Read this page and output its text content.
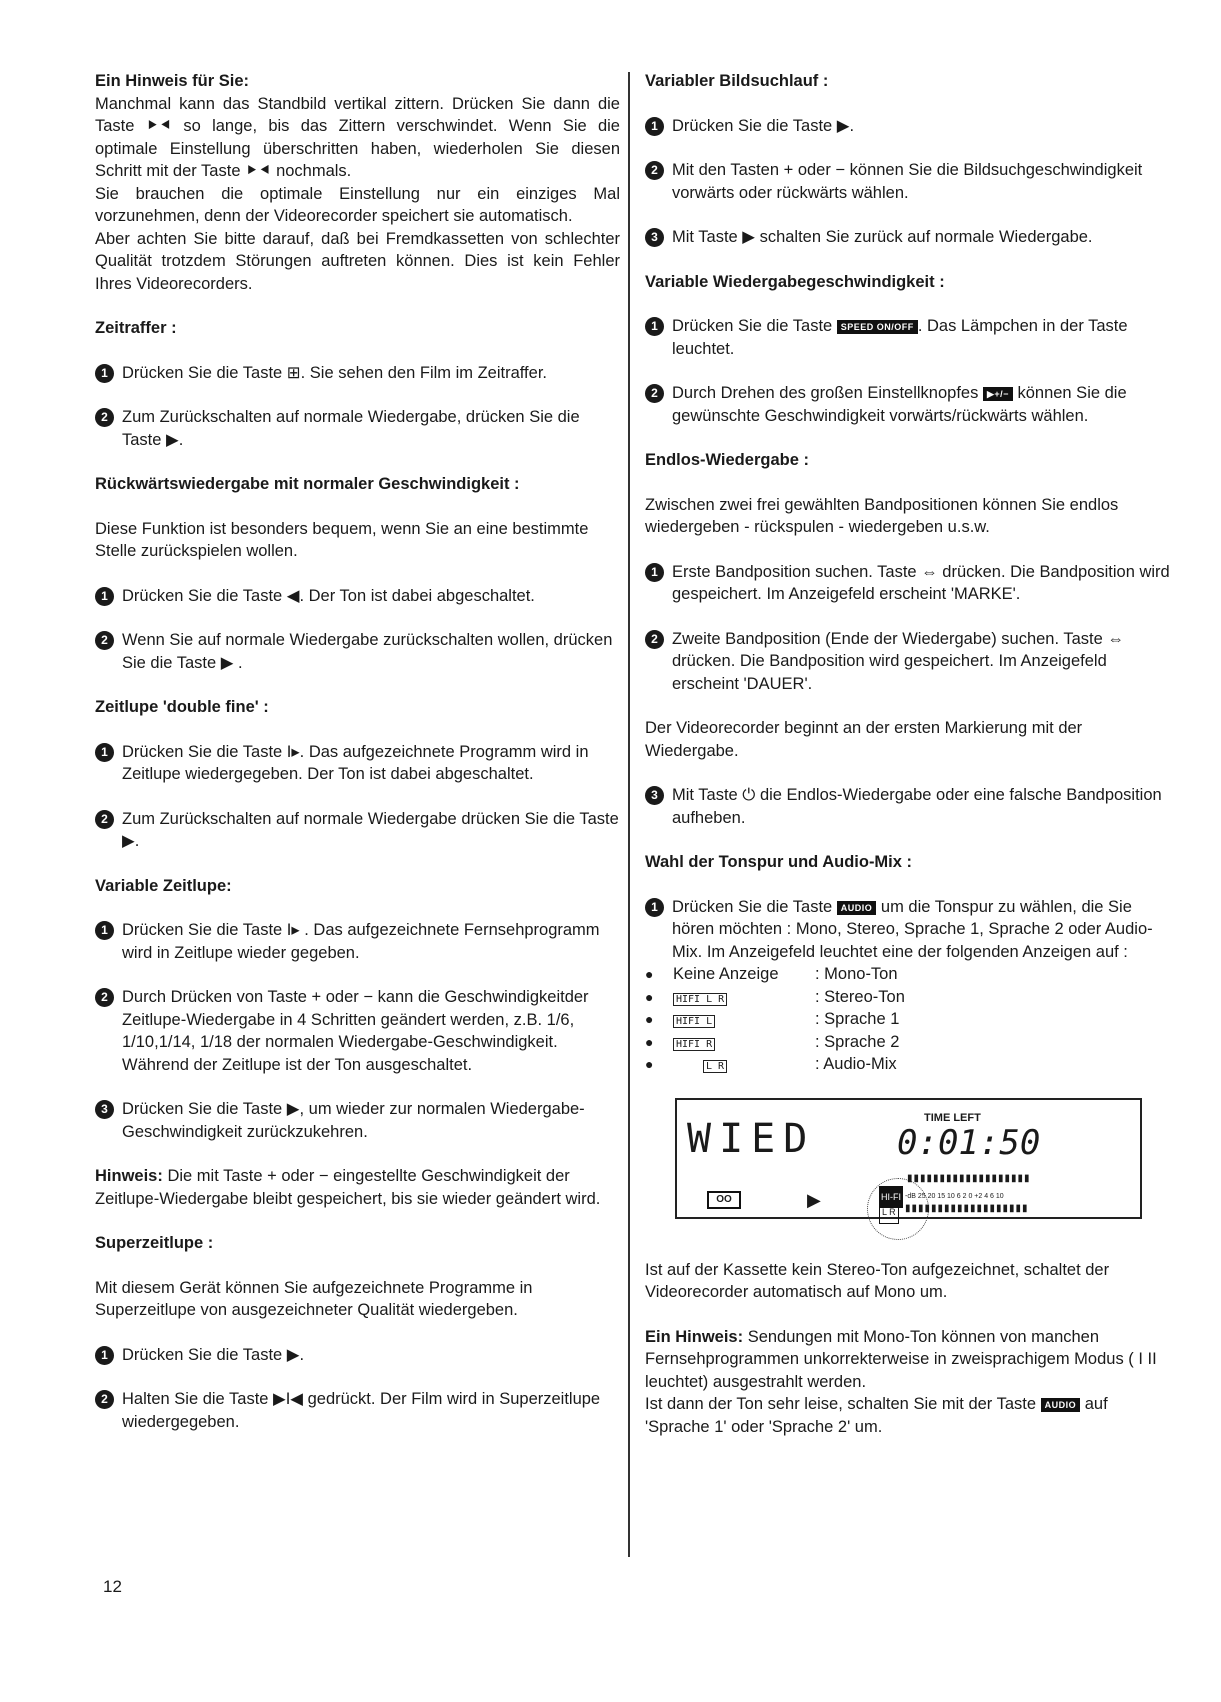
Ein Hinweis für Sie:

Manchmal kann das Standbild vertikal zittern. Drücken Sie dann die Taste ⯈⯇ so lange, bis das Zittern verschwindet. Wenn Sie die optimale Einstellung überschritten haben, wiederholen Sie diesen Schritt mit der Taste ⯈⯇ nochmals.

Sie brauchen die optimale Einstellung nur ein einziges Mal vorzunehmen, denn der Videorecorder speichert sie automatisch.

Aber achten Sie bitte darauf, daß bei Fremdkassetten von schlechter Qualität trotzdem Störungen auftreten können. Dies ist kein Fehler Ihres Videorecorders.

Zeitraffer :
1 Drücken Sie die Taste ⊞. Sie sehen den Film im Zeitraffer.
2 Zum Zurückschalten auf normale Wiedergabe, drücken Sie die Taste ▶.
Rückwärtswiedergabe mit normaler Geschwindigkeit :

Diese Funktion ist besonders bequem, wenn Sie an eine bestimmte Stelle zurückspielen wollen.

1 Drücken Sie die Taste ◀. Der Ton ist dabei abgeschaltet.
2 Wenn Sie auf normale Wiedergabe zurückschalten wollen, drücken Sie die Taste ▶ .
Zeitlupe 'double fine' :
1 Drücken Sie die Taste I▸. Das aufgezeichnete Programm wird in Zeitlupe wiedergegeben. Der Ton ist dabei abgeschaltet.
2 Zum Zurückschalten auf normale Wiedergabe drücken Sie die Taste ▶.
Variable Zeitlupe:
1 Drücken Sie die Taste I▸ . Das aufgezeichnete Fernsehprogramm wird in Zeitlupe wieder gegeben.
2 Durch Drücken von Taste + oder − kann die Geschwindigkeitder Zeitlupe-Wiedergabe in 4 Schritten geändert werden, z.B. 1/6, 1/10,1/14, 1/18 der normalen Wiedergabe-Geschwindigkeit. Während der Zeitlupe ist der Ton ausgeschaltet.
3 Drücken Sie die Taste ▶, um wieder zur normalen Wiedergabe-Geschwindigkeit zurückzukehren.

Hinweis: Die mit Taste + oder − eingestellte Geschwindigkeit der Zeitlupe-Wiedergabe bleibt gespeichert, bis sie wieder geändert wird.

Superzeitlupe :

Mit diesem Gerät können Sie aufgezeichnete Programme in Superzeitlupe von ausgezeichneter Qualität wiedergeben.

1 Drücken Sie die Taste ▶.
2 Halten Sie die Taste ▶I◀ gedrückt. Der Film wird in Superzeitlupe wiedergegeben.
Variabler Bildsuchlauf :
1 Drücken Sie die Taste ▶.
2 Mit den Tasten + oder − können Sie die Bildsuchgeschwindigkeit vorwärts oder rückwärts wählen.
3 Mit Taste ▶ schalten Sie zurück auf normale Wiedergabe.
Variable Wiedergabegeschwindigkeit :
1 Drücken Sie die Taste SPEED ON/OFF . Das Lämpchen in der Taste leuchtet.
2 Durch Drehen des großen Einstellknopfes ▶+/− können Sie die gewünschte Geschwindigkeit vorwärts/rückwärts wählen.
Endlos-Wiedergabe :

Zwischen zwei frei gewählten Bandpositionen können Sie endlos wiedergeben - rückspulen - wiedergeben u.s.w.

1 Erste Bandposition suchen. Taste ⇔ drücken. Die Bandposition wird gespeichert. Im Anzeigefeld erscheint 'MARKE'.
2 Zweite Bandposition (Ende der Wiedergabe) suchen. Taste ⇔ drücken. Die Bandposition wird gespeichert. Im Anzeigefeld erscheint 'DAUER'.

Der Videorecorder beginnt an der ersten Markierung mit der Wiedergabe.

3 Mit Taste ⏻ die Endlos-Wiedergabe oder eine falsche Bandposition aufheben.
Wahl der Tonspur und Audio-Mix :
1 Drücken Sie die Taste AUDIO um die Tonspur zu wählen, die Sie hören möchten : Mono, Stereo, Sprache 1, Sprache 2 oder Audio-Mix. Im Anzeigefeld leuchtet eine der folgenden Anzeigen auf :
●	Keine Anzeige	: Mono-Ton
●	HIFI L R	: Stereo-Ton
●	HIFI L	: Sprache 1
●	HIFI R	: Sprache 2
●	L R	: Audio-Mix
TIME LEFT
WIED 0:01:50
OO	▶
▮▮▮▮▮▮▮▮▮▮▮▮▮▮▮▮▮▮▮
HI-FI -dB 25 20 15 10 6 2 0 +2 4 6 10
L R ▮▮▮▮▮▮▮▮▮▮▮▮▮▮▮▮▮▮▮

Ist auf der Kassette kein Stereo-Ton aufgezeichnet, schaltet der Videorecorder automatisch auf Mono um.

Ein Hinweis: Sendungen mit Mono-Ton können von manchen Fernsehprogrammen unkorrekterweise in zweisprachigem Modus ( I II leuchtet) ausgestrahlt werden.

Ist dann der Ton sehr leise, schalten Sie mit der Taste AUDIO auf 'Sprache 1' oder 'Sprache 2' um.

12
